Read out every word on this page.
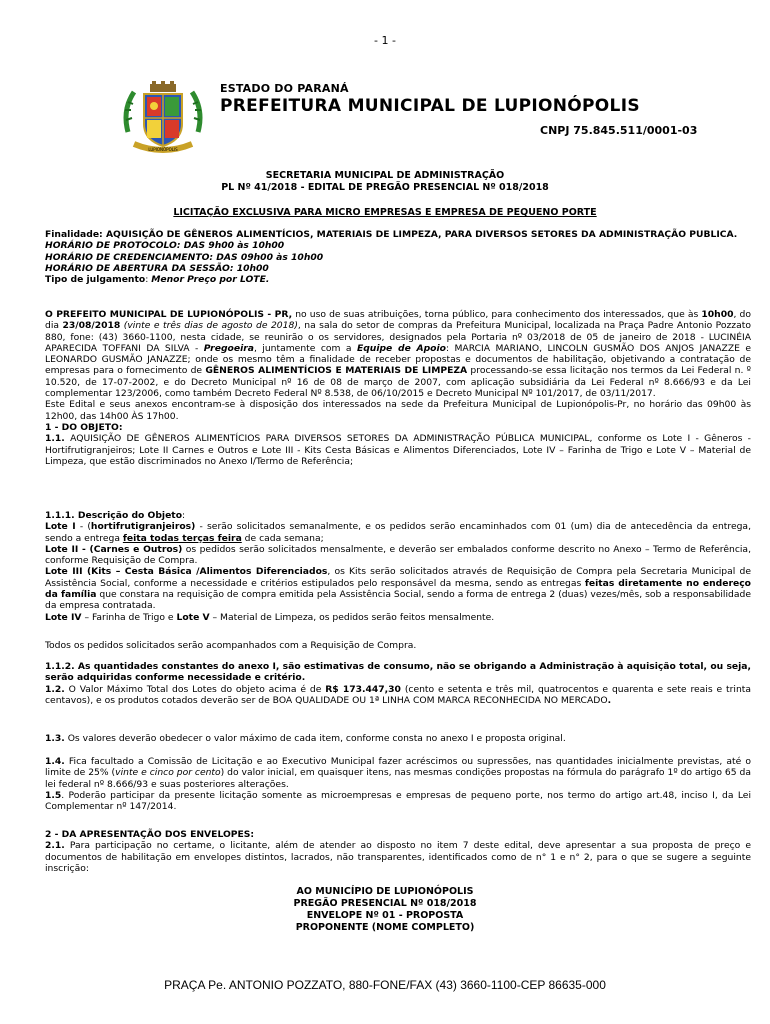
- 1 -
LUPIONÓPOLIS
ESTADO DO PARANÁ
PREFEITURA MUNICIPAL DE LUPIONÓPOLIS
CNPJ 75.845.511/0001-03
SECRETARIA MUNICIPAL DE ADMINISTRAÇÃO
PL Nº 41/2018 - EDITAL DE PREGÃO PRESENCIAL Nº 018/2018
LICITAÇÃO EXCLUSIVA PARA MICRO EMPRESAS E EMPRESA DE PEQUENO PORTE

Finalidade: AQUISIÇÃO DE GÊNEROS ALIMENTÍCIOS, MATERIAIS DE LIMPEZA, PARA DIVERSOS SETORES DA ADMINISTRAÇÃO PUBLICA.

HORÁRIO DE PROTOCOLO: DAS 9h00 às 10h00

HORÁRIO DE CREDENCIAMENTO: DAS 09h00 às 10h00

HORÁRIO DE ABERTURA DA SESSÃO: 10h00

Tipo de julgamento: Menor Preço por LOTE.

O PREFEITO MUNICIPAL DE LUPIONÓPOLIS - PR, no uso de suas atribuições, torna público, para conhecimento dos interessados, que às 10h00, do dia 23/08/2018 (vinte e três dias de agosto de 2018), na sala do setor de compras da Prefeitura Municipal, localizada na Praça Padre Antonio Pozzato 880, fone: (43) 3660-1100, nesta cidade, se reunirão o os servidores, designados pela Portaria nº 03/2018 de 05 de janeiro de 2018 - LUCINÉIA APARECIDA TOFFANI DA SILVA - Pregoeira, juntamente com a Equipe de Apoio: MARCIA MARIANO, LINCOLN GUSMÃO DOS ANJOS JANAZZE e LEONARDO GUSMÃO JANAZZE; onde os mesmo têm a finalidade de receber propostas e documentos de habilitação, objetivando a contratação de empresas para o fornecimento de GÊNEROS ALIMENTÍCIOS E MATERIAIS DE LIMPEZA processando-se essa licitação nos termos da Lei Federal n. º 10.520, de 17-07-2002, e do Decreto Municipal nº 16 de 08 de março de 2007, com aplicação subsidiária da Lei Federal nº 8.666/93 e da Lei complementar 123/2006, como também Decreto Federal Nº 8.538, de 06/10/2015 e Decreto Municipal Nº 101/2017, de 03/11/2017.

Este Edital e seus anexos encontram-se à disposição dos interessados na sede da Prefeitura Municipal de Lupionópolis-Pr, no horário das 09h00 às 12h00, das 14h00 ÀS 17h00.

1 - DO OBJETO:

1.1. AQUISIÇÃO DE GÊNEROS ALIMENTÍCIOS PARA DIVERSOS SETORES DA ADMINISTRAÇÃO PÚBLICA MUNICIPAL, conforme os Lote I - Gêneros - Hortifrutigranjeiros; Lote II Carnes e Outros e Lote III - Kits Cesta Básicas e Alimentos Diferenciados, Lote IV – Farinha de Trigo e Lote V – Material de Limpeza, que estão discriminados no Anexo I/Termo de Referência;

1.1.1. Descrição do Objeto:

Lote I - (hortifrutigranjeiros) - serão solicitados semanalmente, e os pedidos serão encaminhados com 01 (um) dia de antecedência da entrega, sendo a entrega feita todas terças feira de cada semana;

Lote II - (Carnes e Outros) os pedidos serão solicitados mensalmente, e deverão ser embalados conforme descrito no Anexo – Termo de Referência, conforme Requisição de Compra.

Lote III (Kits – Cesta Básica /Alimentos Diferenciados, os Kits serão solicitados através de Requisição de Compra pela Secretaria Municipal de Assistência Social, conforme a necessidade e critérios estipulados pelo responsável da mesma, sendo as entregas feitas diretamente no endereço da família que constara na requisição de compra emitida pela Assistência Social, sendo a forma de entrega 2 (duas) vezes/mês, sob a responsabilidade da empresa contratada.

Lote IV – Farinha de Trigo e Lote V – Material de Limpeza, os pedidos serão feitos mensalmente.

Todos os pedidos solicitados serão acompanhados com a Requisição de Compra.

1.1.2. As quantidades constantes do anexo I, são estimativas de consumo, não se obrigando a Administração à aquisição total, ou seja, serão adquiridas conforme necessidade e critério.

1.2. O Valor Máximo Total dos Lotes do objeto acima é de R$ 173.447,30 (cento e setenta e três mil, quatrocentos e quarenta e sete reais e trinta centavos), e os produtos cotados deverão ser de BOA QUALIDADE OU 1ª LINHA COM MARCA RECONHECIDA NO MERCADO.

1.3. Os valores deverão obedecer o valor máximo de cada item, conforme consta no anexo I e proposta original.

1.4. Fica facultado a Comissão de Licitação e ao Executivo Municipal fazer acréscimos ou supressões, nas quantidades inicialmente previstas, até o limite de 25% (vinte e cinco por cento) do valor inicial, em quaisquer itens, nas mesmas condições propostas na fórmula do parágrafo 1º do artigo 65 da lei federal nº 8.666/93 e suas posteriores alterações.

1.5. Poderão participar da presente licitação somente as microempresas e empresas de pequeno porte, nos termo do artigo art.48, inciso I, da Lei Complementar nº 147/2014.

2 - DA APRESENTAÇÃO DOS ENVELOPES:

2.1. Para participação no certame, o licitante, além de atender ao disposto no item 7 deste edital, deve apresentar a sua proposta de preço e documentos de habilitação em envelopes distintos, lacrados, não transparentes, identificados como de n° 1 e n° 2, para o que se sugere a seguinte inscrição:

AO MUNICÍPIO DE LUPIONÓPOLIS
PREGÃO PRESENCIAL Nº 018/2018
ENVELOPE Nº 01 - PROPOSTA
PROPONENTE (NOME COMPLETO)
PRAÇA Pe. ANTONIO POZZATO, 880-FONE/FAX (43) 3660-1100-CEP 86635-000
